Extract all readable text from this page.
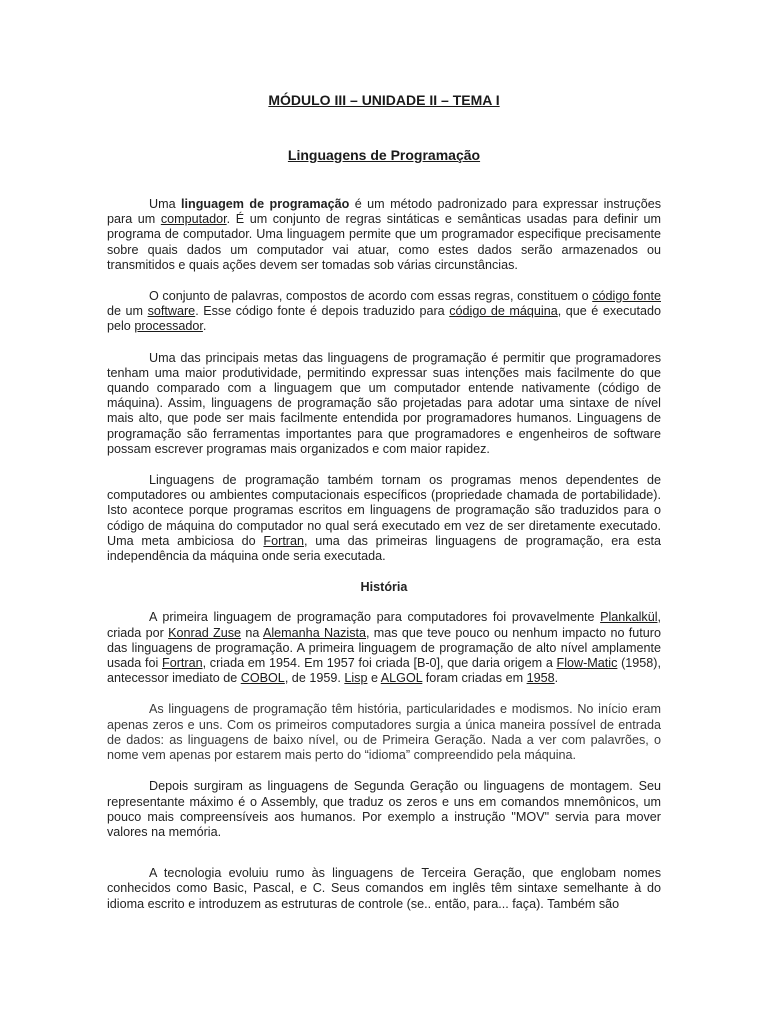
MÓDULO III – UNIDADE II – TEMA I
Linguagens de Programação

Uma linguagem de programação é um método padronizado para expressar instruções para um computador. É um conjunto de regras sintáticas e semânticas usadas para definir um programa de computador. Uma linguagem permite que um programador especifique precisamente sobre quais dados um computador vai atuar, como estes dados serão armazenados ou transmitidos e quais ações devem ser tomadas sob várias circunstâncias.

O conjunto de palavras, compostos de acordo com essas regras, constituem o código fonte de um software. Esse código fonte é depois traduzido para código de máquina, que é executado pelo processador.

Uma das principais metas das linguagens de programação é permitir que programadores tenham uma maior produtividade, permitindo expressar suas intenções mais facilmente do que quando comparado com a linguagem que um computador entende nativamente (código de máquina). Assim, linguagens de programação são projetadas para adotar uma sintaxe de nível mais alto, que pode ser mais facilmente entendida por programadores humanos. Linguagens de programação são ferramentas importantes para que programadores e engenheiros de software possam escrever programas mais organizados e com maior rapidez.

Linguagens de programação também tornam os programas menos dependentes de computadores ou ambientes computacionais específicos (propriedade chamada de portabilidade). Isto acontece porque programas escritos em linguagens de programação são traduzidos para o código de máquina do computador no qual será executado em vez de ser diretamente executado. Uma meta ambiciosa do Fortran, uma das primeiras linguagens de programação, era esta independência da máquina onde seria executada.

História

A primeira linguagem de programação para computadores foi provavelmente Plankalkül, criada por Konrad Zuse na Alemanha Nazista, mas que teve pouco ou nenhum impacto no futuro das linguagens de programação. A primeira linguagem de programação de alto nível amplamente usada foi Fortran, criada em 1954. Em 1957 foi criada [B-0], que daria origem a Flow-Matic (1958), antecessor imediato de COBOL, de 1959. Lisp e ALGOL foram criadas em 1958.

As linguagens de programação têm história, particularidades e modismos. No início eram apenas zeros e uns. Com os primeiros computadores surgia a única maneira possível de entrada de dados: as linguagens de baixo nível, ou de Primeira Geração. Nada a ver com palavrões, o nome vem apenas por estarem mais perto do “idioma” compreendido pela máquina.

Depois surgiram as linguagens de Segunda Geração ou linguagens de montagem. Seu representante máximo é o Assembly, que traduz os zeros e uns em comandos mnemônicos, um pouco mais compreensíveis aos humanos. Por exemplo a instrução "MOV" servia para mover valores na memória.

A tecnologia evoluiu rumo às linguagens de Terceira Geração, que englobam nomes conhecidos como Basic, Pascal, e C. Seus comandos em inglês têm sintaxe semelhante à do idioma escrito e introduzem as estruturas de controle (se.. então, para... faça). Também são
